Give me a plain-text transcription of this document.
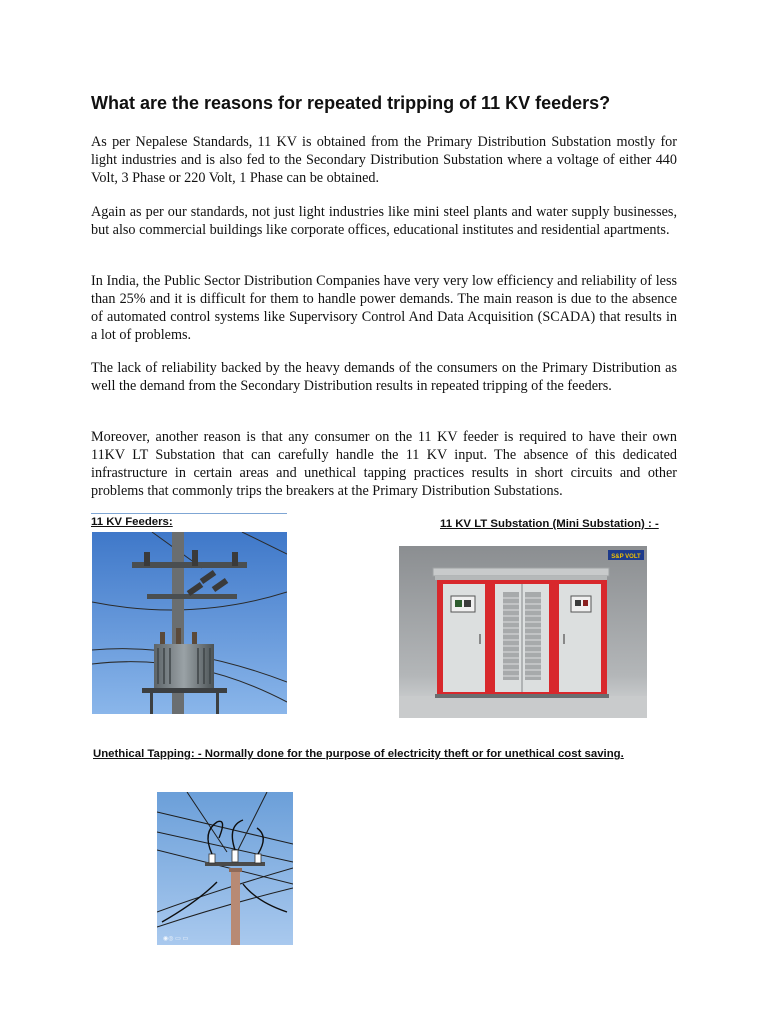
What are the reasons for repeated tripping of 11 KV feeders?

As per Nepalese Standards, 11 KV is obtained from the Primary Distribution Substation mostly for light industries and is also fed to the Secondary Distribution Substation where a voltage of either 440 Volt, 3 Phase or 220 Volt, 1 Phase can be obtained.

Again as per our standards, not just light industries like mini steel plants and water supply businesses, but also commercial buildings like corporate offices, educational institutes and residential apartments.

In India, the Public Sector Distribution Companies have very very low efficiency and reliability of less than 25% and it is difficult for them to handle power demands. The main reason is due to the absence of automated control systems like Supervisory Control And Data Acquisition (SCADA) that results in a lot of problems.

The lack of reliability backed by the heavy demands of the consumers on the Primary Distribution as well the demand from the Secondary Distribution results in repeated tripping of the feeders.

Moreover, another reason is that any consumer on the 11 KV feeder is required to have their own 11KV LT Substation that can carefully handle the 11 KV input. The absence of this dedicated infrastructure in certain areas and unethical tapping practices results in short circuits and other problems that commonly trips the breakers at the Primary Distribution Substations.

11 KV Feeders:	11 KV LT Substation (Mini Substation) : -

S&P VOLT

Unethical Tapping: - Normally done for the purpose of electricity theft or for unethical cost saving.

◉◎ ▭ ▭
